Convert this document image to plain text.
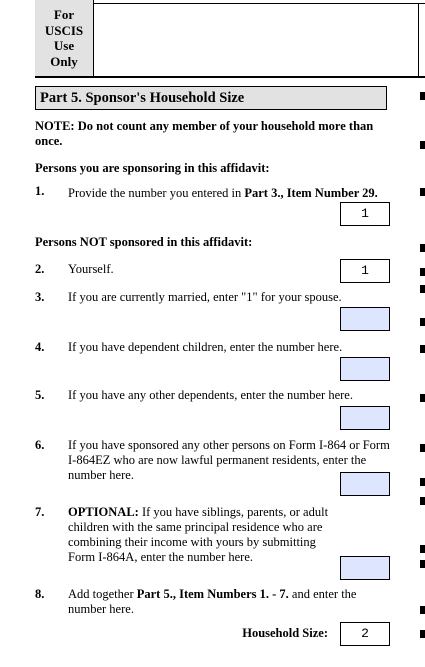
For
USCIS
Use
Only
Part 5. Sponsor's Household Size
NOTE: Do not count any member of your household more than once.
Persons you are sponsoring in this affidavit:
1. Provide the number you entered in Part 3., Item Number 29.
1
Persons NOT sponsored in this affidavit:
2. Yourself.	1
3. If you are currently married, enter "1" for your spouse.
4. If you have dependent children, enter the number here.
5. If you have any other dependents, enter the number here.
6. If you have sponsored any other persons on Form I-864 or Form I-864EZ who are now lawful permanent residents, enter the number here.
7. OPTIONAL: If you have siblings, parents, or adult children with the same principal residence who are combining their income with yours by submitting Form I-864A, enter the number here.
8. Add together Part 5., Item Numbers 1. - 7. and enter the number here.
Household Size:	2
